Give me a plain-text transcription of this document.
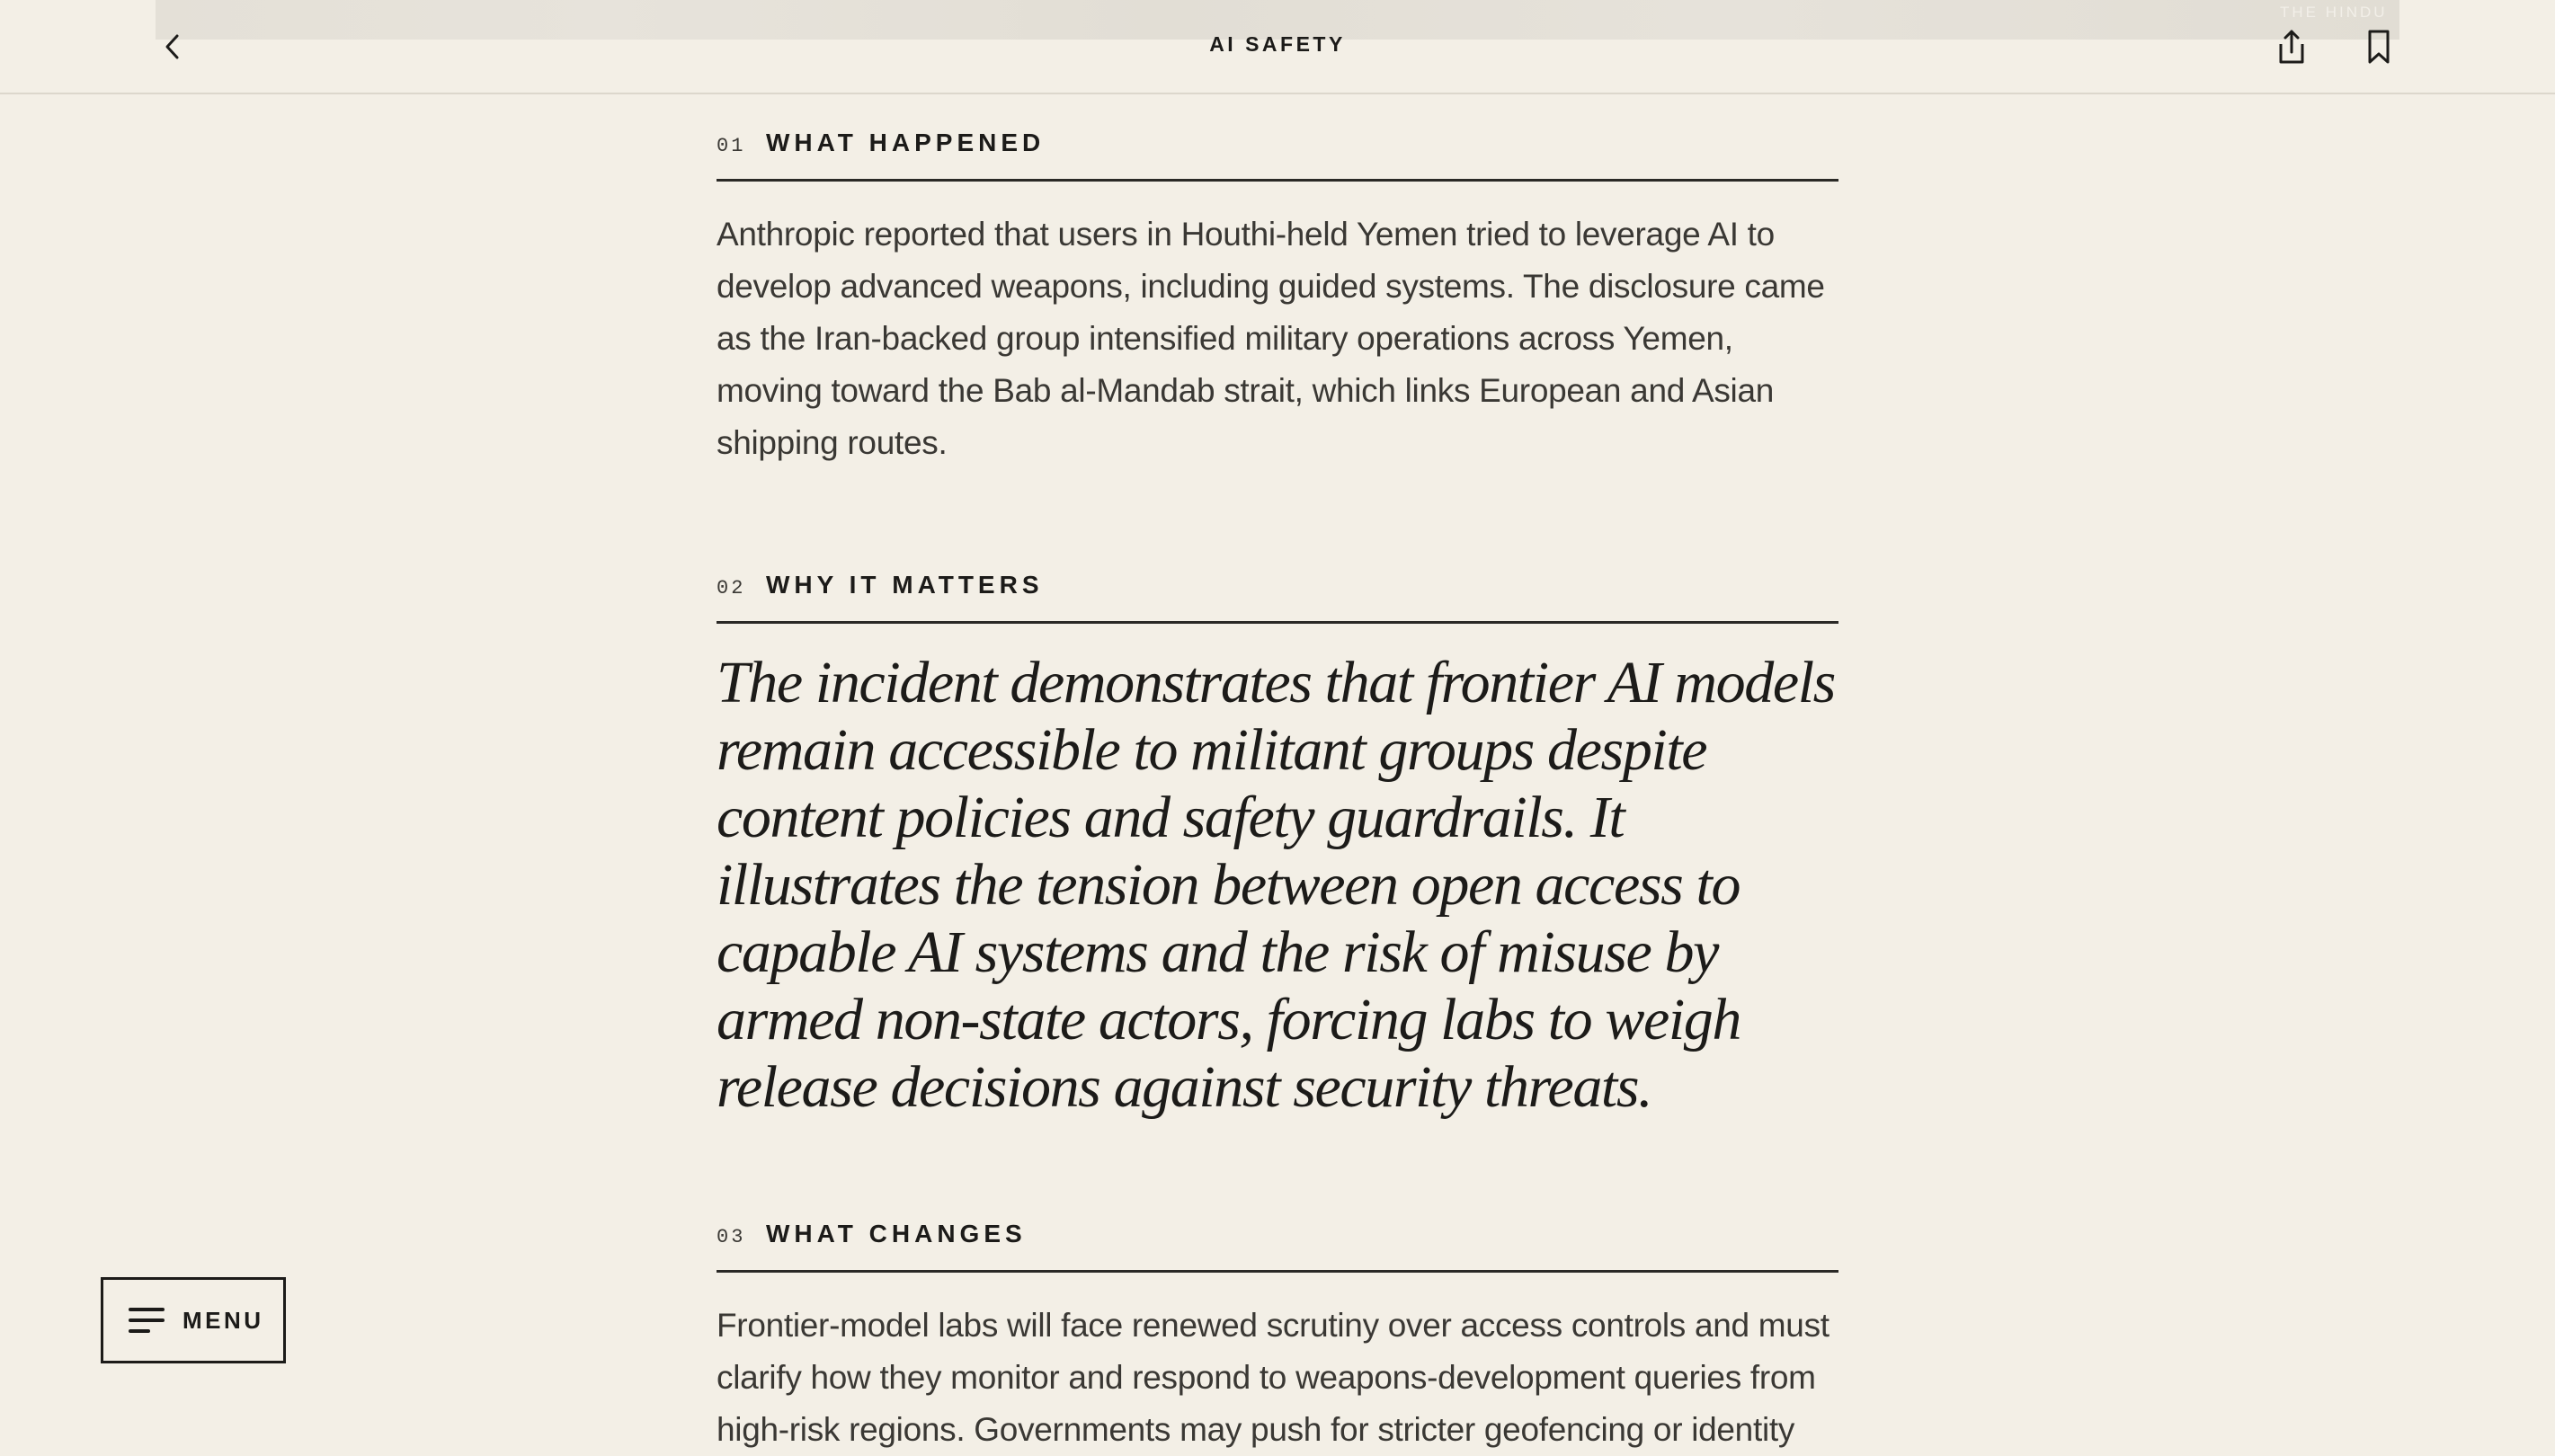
THE HINDU
AI SAFETY
01 WHAT HAPPENED

Anthropic reported that users in Houthi-held Yemen tried to leverage AI to develop advanced weapons, including guided systems. The disclosure came as the Iran-backed group intensified military operations across Yemen, moving toward the Bab al-Mandab strait, which links European and Asian shipping routes.

02 WHY IT MATTERS

The incident demonstrates that frontier AI models remain accessible to militant groups despite content policies and safety guardrails. It illustrates the tension between open access to capable AI systems and the risk of misuse by armed non-state actors, forcing labs to weigh release decisions against security threats.

03 WHAT CHANGES

Frontier-model labs will face renewed scrutiny over access controls and must clarify how they monitor and respond to weapons-development queries from high-risk regions. Governments may push for stricter geofencing or identity

MENU
